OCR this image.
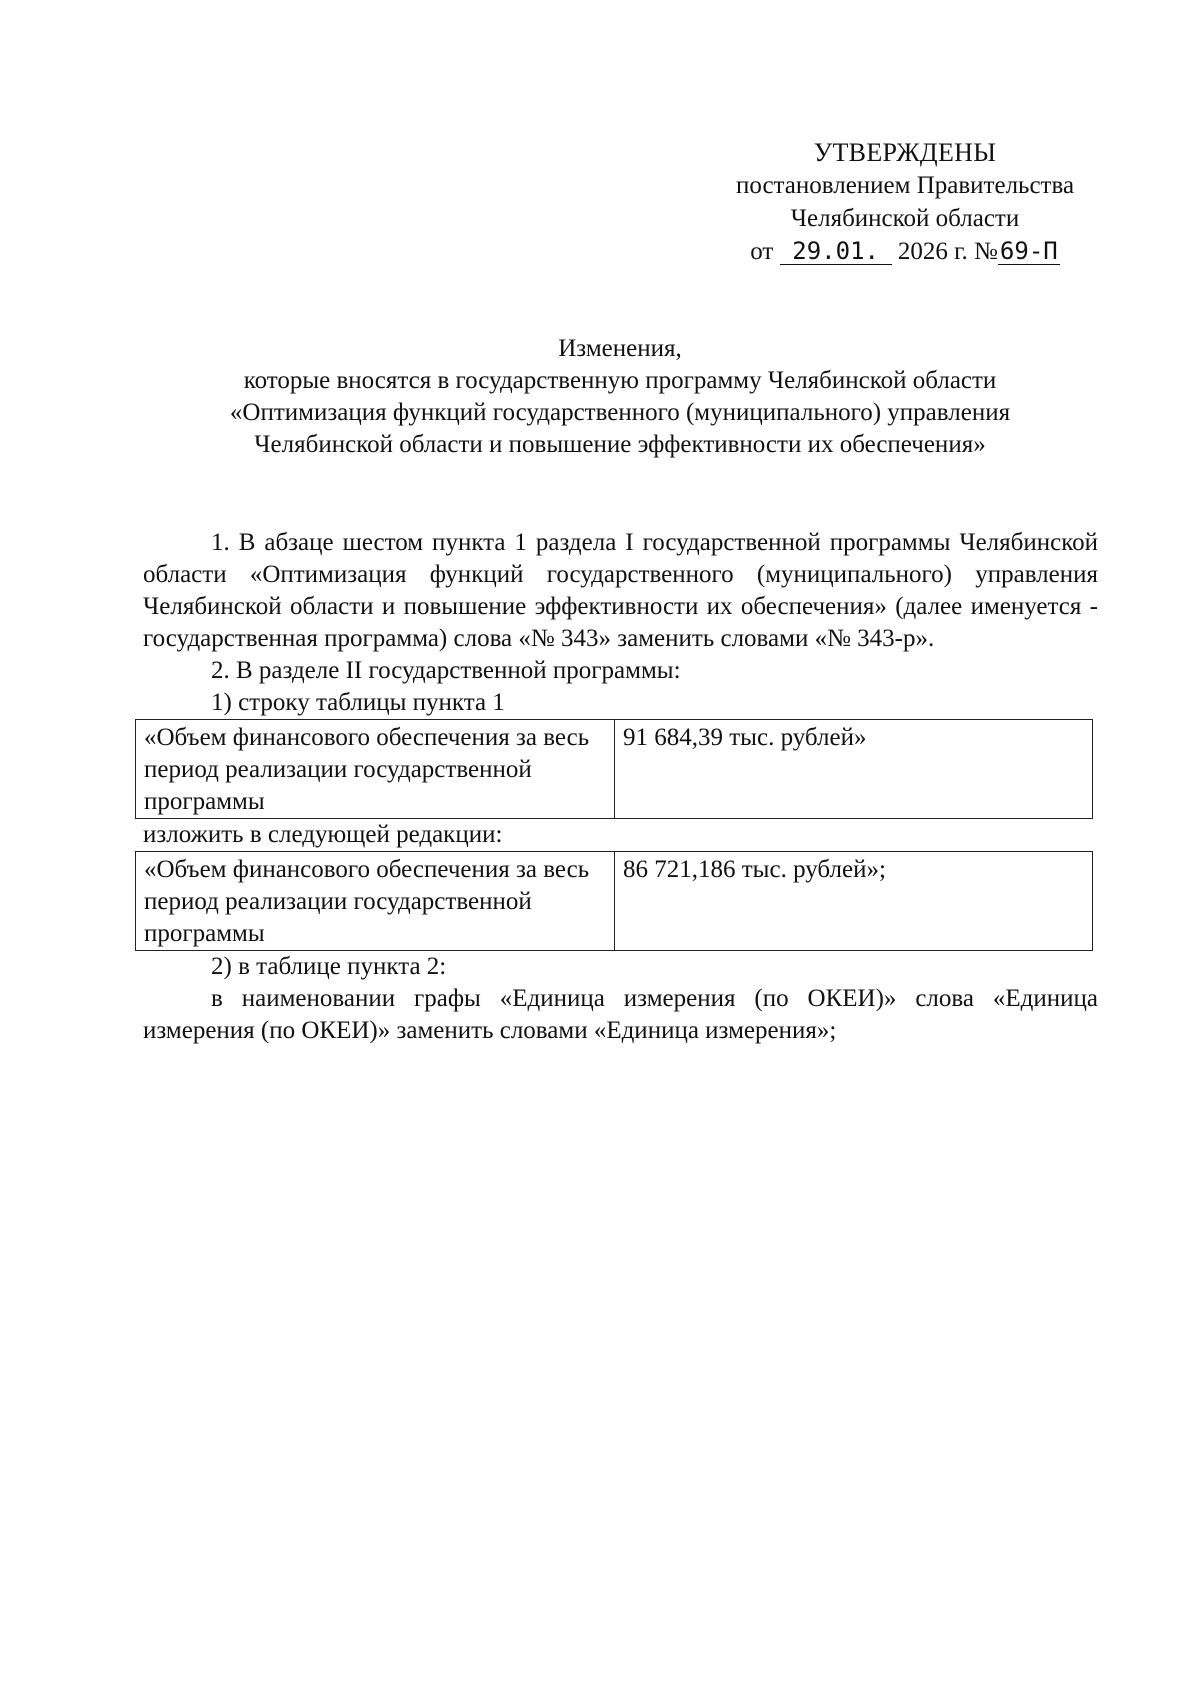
УТВЕРЖДЕНЫ
постановлением Правительства
Челябинской области
от 29.01. 2026 г. №69-П
Изменения,
которые вносятся в государственную программу Челябинской области
«Оптимизация функций государственного (муниципального) управления
Челябинской области и повышение эффективности их обеспечения»

1. В абзаце шестом пункта 1 раздела I государственной программы Челябинской области «Оптимизация функций государственного (муниципального) управления Челябинской области и повышение эффективности их обеспечения» (далее именуется - государственная программа) слова «№ 343» заменить словами «№ 343-р».

2. В разделе II государственной программы:

1) строку таблицы пункта 1

«Объем финансового обеспечения за весь период реализации государственной программы	91 684,39 тыс. рублей»

изложить в следующей редакции:

«Объем финансового обеспечения за весь период реализации государственной программы	86 721,186 тыс. рублей»;

2) в таблице пункта 2:

в наименовании графы «Единица измерения (по ОКЕИ)» слова «Единица измерения (по ОКЕИ)» заменить словами «Единица измерения»;
